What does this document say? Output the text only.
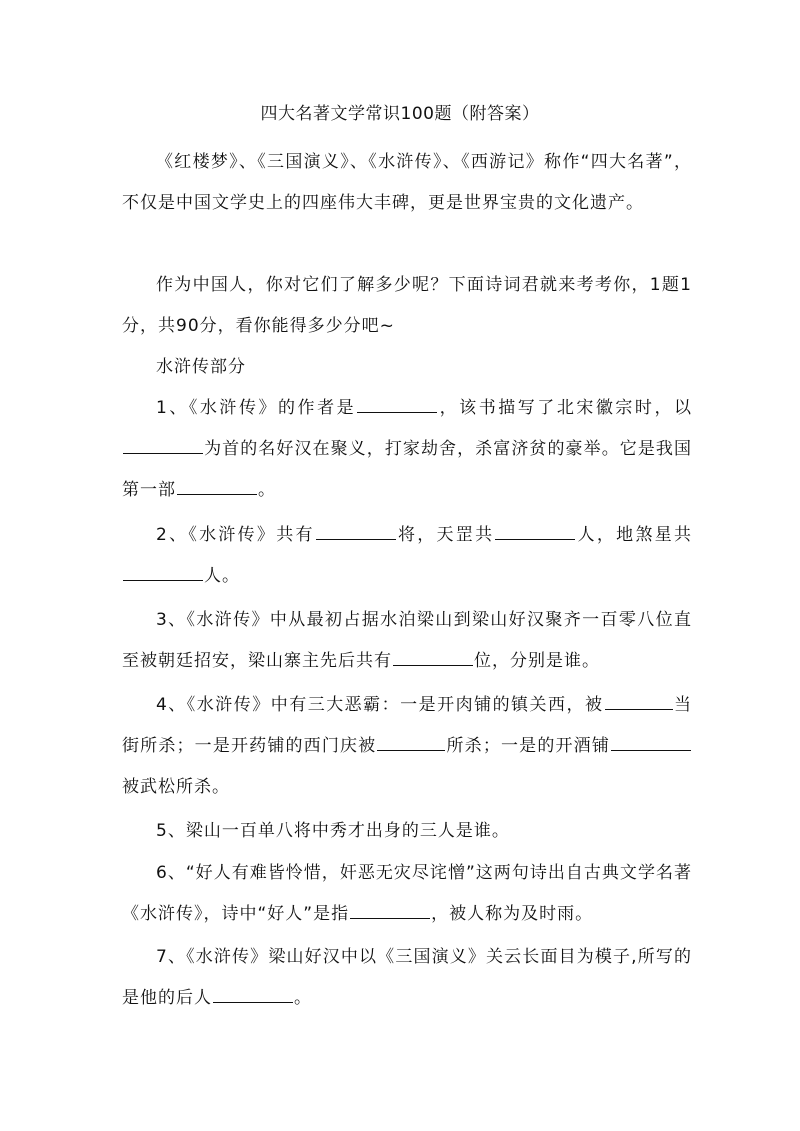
四大名著文学常识100题（附答案）

《红楼梦》、《三国演义》、《水浒传》、《西游记》称作“四大名著”，不仅是中国文学史上的四座伟大丰碑，更是世界宝贵的文化遗产。

作为中国人，你对它们了解多少呢？下面诗词君就来考考你，1题1分，共90分，看你能得多少分吧~

水浒传部分

1、《水浒传》的作者是	，该书描写了北宋徽宗时，以为首的名好汉在聚义，打家劫舍，杀富济贫的豪举。它是我国第一部	。

2、《水浒传》共有	将，天罡共	人，地煞星共人。

3、《水浒传》中从最初占据水泊梁山到梁山好汉聚齐一百零八位直至被朝廷招安，梁山寨主先后共有	位，分别是谁。

4、《水浒传》中有三大恶霸：一是开肉铺的镇关西，被	当街所杀；一是开药铺的西门庆被	所杀；一是的开酒铺被武松所杀。

5、梁山一百单八将中秀才出身的三人是谁。

6、“好人有难皆怜惜，奸恶无灾尽诧憎”这两句诗出自古典文学名著《水浒传》，诗中“好人”是指	，被人称为及时雨。

7、《水浒传》梁山好汉中以《三国演义》关云长面目为模子,所写的是他的后人	。
